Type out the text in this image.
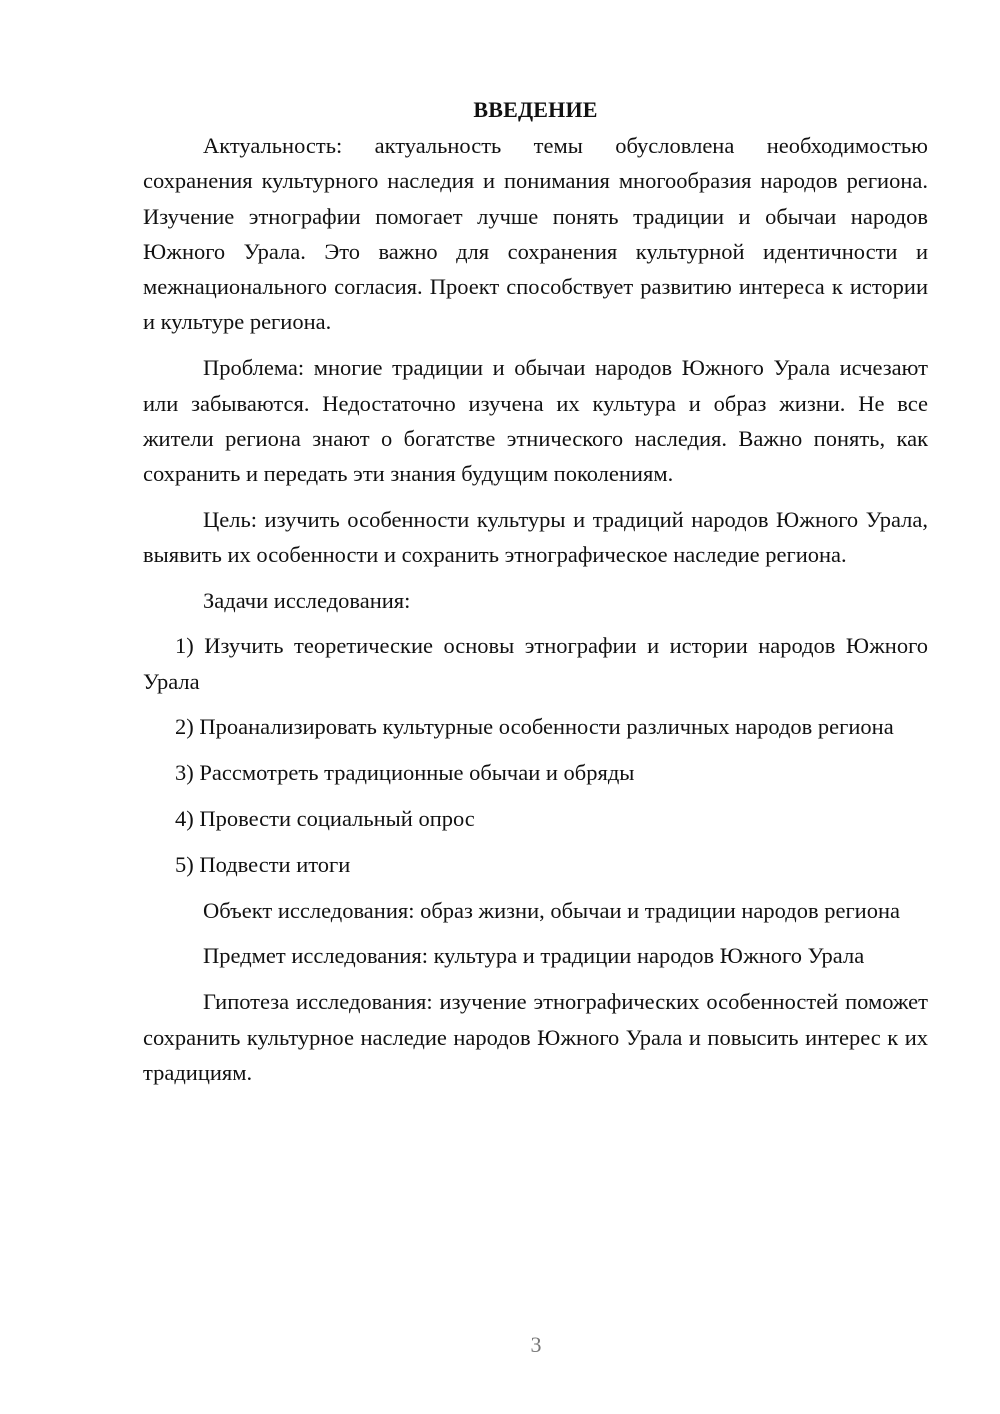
ВВЕДЕНИЕ

Актуальность: актуальность темы обусловлена необходимостью сохранения культурного наследия и понимания многообразия народов региона. Изучение этнографии помогает лучше понять традиции и обычаи народов Южного Урала. Это важно для сохранения культурной идентичности и межнационального согласия. Проект способствует развитию интереса к истории и культуре региона.

Проблема: многие традиции и обычаи народов Южного Урала исчезают или забываются. Недостаточно изучена их культура и образ жизни. Не все жители региона знают о богатстве этнического наследия. Важно понять, как сохранить и передать эти знания будущим поколениям.

Цель: изучить особенности культуры и традиций народов Южного Урала, выявить их особенности и сохранить этнографическое наследие региона.

Задачи исследования:

1) Изучить теоретические основы этнографии и истории народов Южного Урала

2) Проанализировать культурные особенности различных народов региона

3) Рассмотреть традиционные обычаи и обряды

4) Провести социальный опрос

5) Подвести итоги

Объект исследования: образ жизни, обычаи и традиции народов региона

Предмет исследования: культура и традиции народов Южного Урала

Гипотеза исследования: изучение этнографических особенностей поможет сохранить культурное наследие народов Южного Урала и повысить интерес к их традициям.

3
